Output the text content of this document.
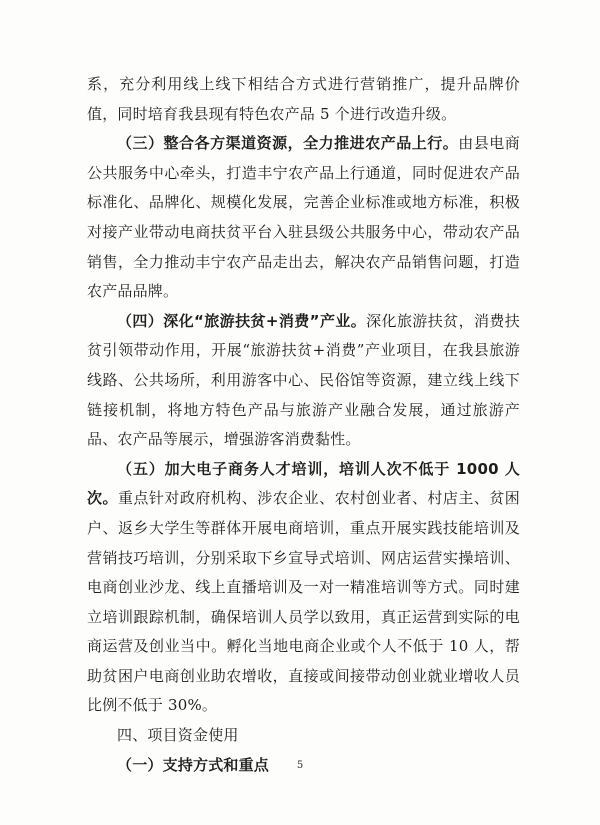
系，充分利用线上线下相结合方式进行营销推广，提升品牌价值，同时培育我县现有特色农产品 5 个进行改造升级。

（三）整合各方渠道资源，全力推进农产品上行。由县电商公共服务中心牵头，打造丰宁农产品上行通道，同时促进农产品标准化、品牌化、规模化发展，完善企业标准或地方标准，积极对接产业带动电商扶贫平台入驻县级公共服务中心，带动农产品销售，全力推动丰宁农产品走出去，解决农产品销售问题，打造农产品品牌。

（四）深化“旅游扶贫+消费”产业。深化旅游扶贫，消费扶贫引领带动作用，开展“旅游扶贫+消费”产业项目，在我县旅游线路、公共场所，利用游客中心、民俗馆等资源，建立线上线下链接机制，将地方特色产品与旅游产业融合发展，通过旅游产品、农产品等展示，增强游客消费黏性。

（五）加大电子商务人才培训，培训人次不低于 1000 人次。重点针对政府机构、涉农企业、农村创业者、村店主、贫困户、返乡大学生等群体开展电商培训，重点开展实践技能培训及营销技巧培训，分别采取下乡宣导式培训、网店运营实操培训、电商创业沙龙、线上直播培训及一对一精准培训等方式。同时建立培训跟踪机制，确保培训人员学以致用，真正运营到实际的电商运营及创业当中。孵化当地电商企业或个人不低于 10 人，帮助贫困户电商创业助农增收，直接或间接带动创业就业增收人员比例不低于 30%。

四、项目资金使用

（一）支持方式和重点	5
